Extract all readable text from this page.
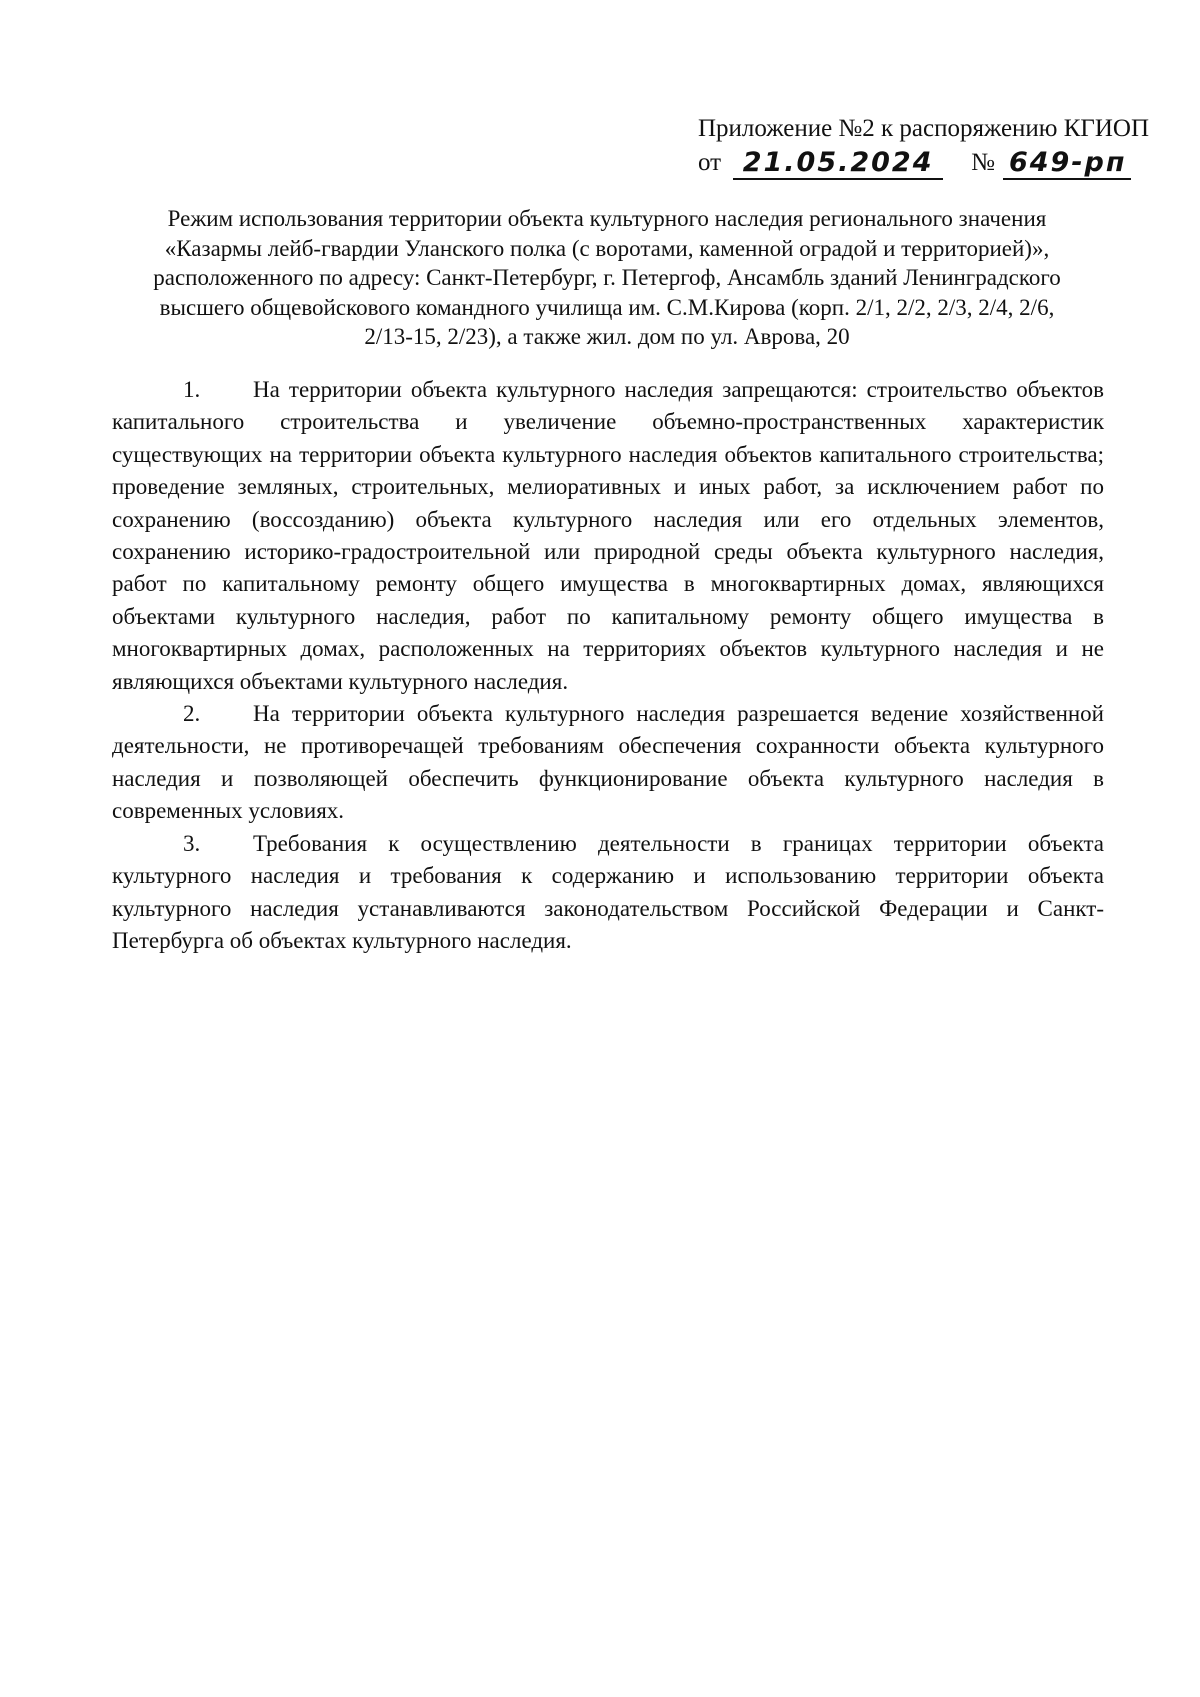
Приложение №2 к распоряжению КГИОП
от 21.05.2024	№ 649-рп
Режим использования территории объекта культурного наследия регионального значения
«Казармы лейб-гвардии Уланского полка (с воротами, каменной оградой и территорией)»,
расположенного по адресу: Санкт-Петербург, г. Петергоф, Ансамбль зданий Ленинградского
высшего общевойскового командного училища им. С.М.Кирова (корп. 2/1, 2/2, 2/3, 2/4, 2/6,
2/13-15, 2/23), а также жил. дом по ул. Аврова, 20

1. На территории объекта культурного наследия запрещаются: строительство объектов капитального строительства и увеличение объемно-пространственных характеристик существующих на территории объекта культурного наследия объектов капитального строительства; проведение земляных, строительных, мелиоративных и иных работ, за исключением работ по сохранению (воссозданию) объекта культурного наследия или его отдельных элементов, сохранению историко-градостроительной или природной среды объекта культурного наследия, работ по капитальному ремонту общего имущества в многоквартирных домах, являющихся объектами культурного наследия, работ по капитальному ремонту общего имущества в многоквартирных домах, расположенных на территориях объектов культурного наследия и не являющихся объектами культурного наследия.

2. На территории объекта культурного наследия разрешается ведение хозяйственной деятельности, не противоречащей требованиям обеспечения сохранности объекта культурного наследия и позволяющей обеспечить функционирование объекта культурного наследия в современных условиях.

3. Требования к осуществлению деятельности в границах территории объекта культурного наследия и требования к содержанию и использованию территории объекта культурного наследия устанавливаются законодательством Российской Федерации и Санкт-Петербурга об объектах культурного наследия.
